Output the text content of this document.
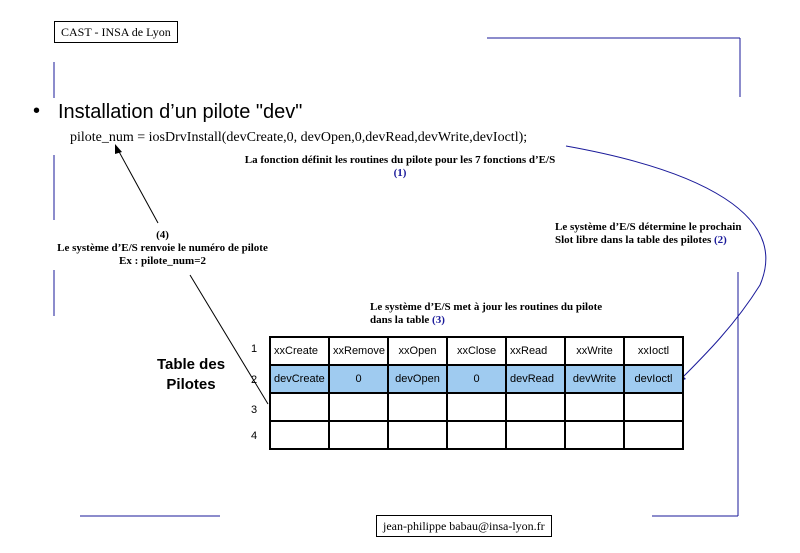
CAST - INSA de Lyon
• Installation d’un pilote "dev"
pilote_num = iosDrvInstall(devCreate,0, devOpen,0,devRead,devWrite,devIoctl);
La fonction définit les routines du pilote pour les 7 fonctions d’E/S
(1)
Le système d’E/S détermine le prochain
Slot libre dans la table des pilotes (2)
(4)
Le système d’E/S renvoie le numéro de pilote
Ex : pilote_num=2
Le système d’E/S met à jour les routines du pilote
dans la table (3)
Table des
Pilotes
1
2
3
4
xxCreate	xxRemove	xxOpen	xxClose	xxRead	xxWrite	xxIoctl
devCreate	0	devOpen	0	devRead	devWrite	devIoctl

jean-philippe babau@insa-lyon.fr
